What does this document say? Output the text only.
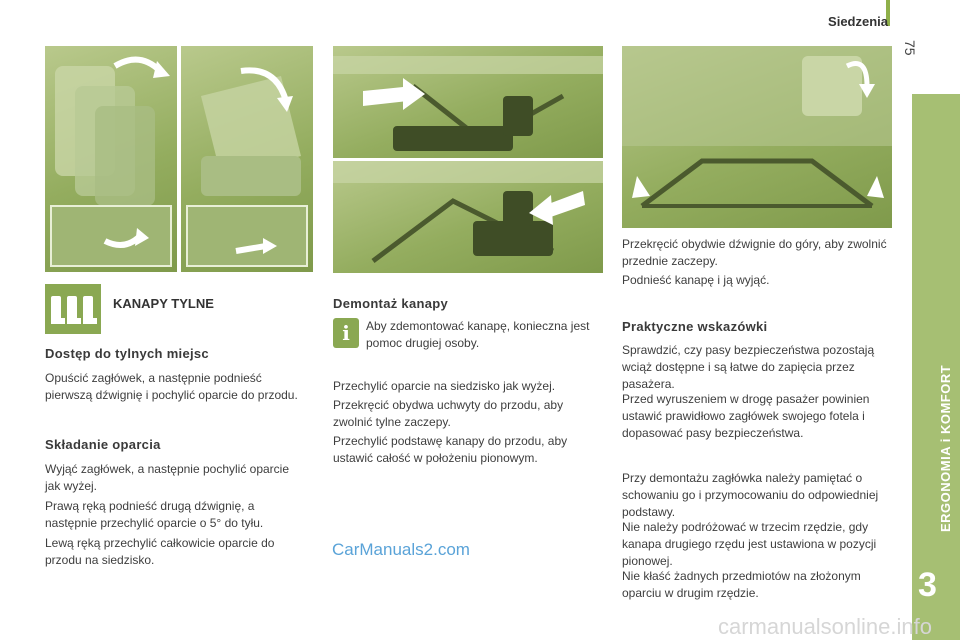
Siedzenia
75
ERGONOMIA i KOMFORT
3
KANAPY TYLNE
Dostęp do tylnych miejsc

Opuścić zagłówek, a następnie podnieść pierwszą dźwignię i pochylić oparcie do przodu.

Składanie oparcia

Wyjąć zagłówek, a następnie pochylić oparcie jak wyżej.

Prawą ręką podnieść drugą dźwignię, a następnie przechylić oparcie o 5° do tyłu.

Lewą ręką przechylić całkowicie oparcie do przodu na siedzisko.

Demontaż kanapy
i	Aby zdemontować kanapę, konieczna jest pomoc drugiej osoby.

Przechylić oparcie na siedzisko jak wyżej.

Przekręcić obydwa uchwyty do przodu, aby zwolnić tylne zaczepy.

Przechylić podstawę kanapy do przodu, aby ustawić całość w położeniu pionowym.

CarManuals2.com

Przekręcić obydwie dźwignie do góry, aby zwolnić przednie zaczepy.

Podnieść kanapę i ją wyjąć.

Praktyczne wskazówki

Sprawdzić, czy pasy bezpieczeństwa pozostają wciąż dostępne i są łatwe do zapięcia przez pasażera.

Przed wyruszeniem w drogę pasażer powinien ustawić prawidłowo zagłówek swojego fotela i dopasować pasy bezpieczeństwa.

Przy demontażu zagłówka należy pamiętać o schowaniu go i przymocowaniu do odpowiedniej podstawy.

Nie należy podróżować w trzecim rzędzie, gdy kanapa drugiego rzędu jest ustawiona w pozycji pionowej.

Nie kłaść żadnych przedmiotów na złożonym oparciu w drugim rzędzie.

carmanualsonline.info
